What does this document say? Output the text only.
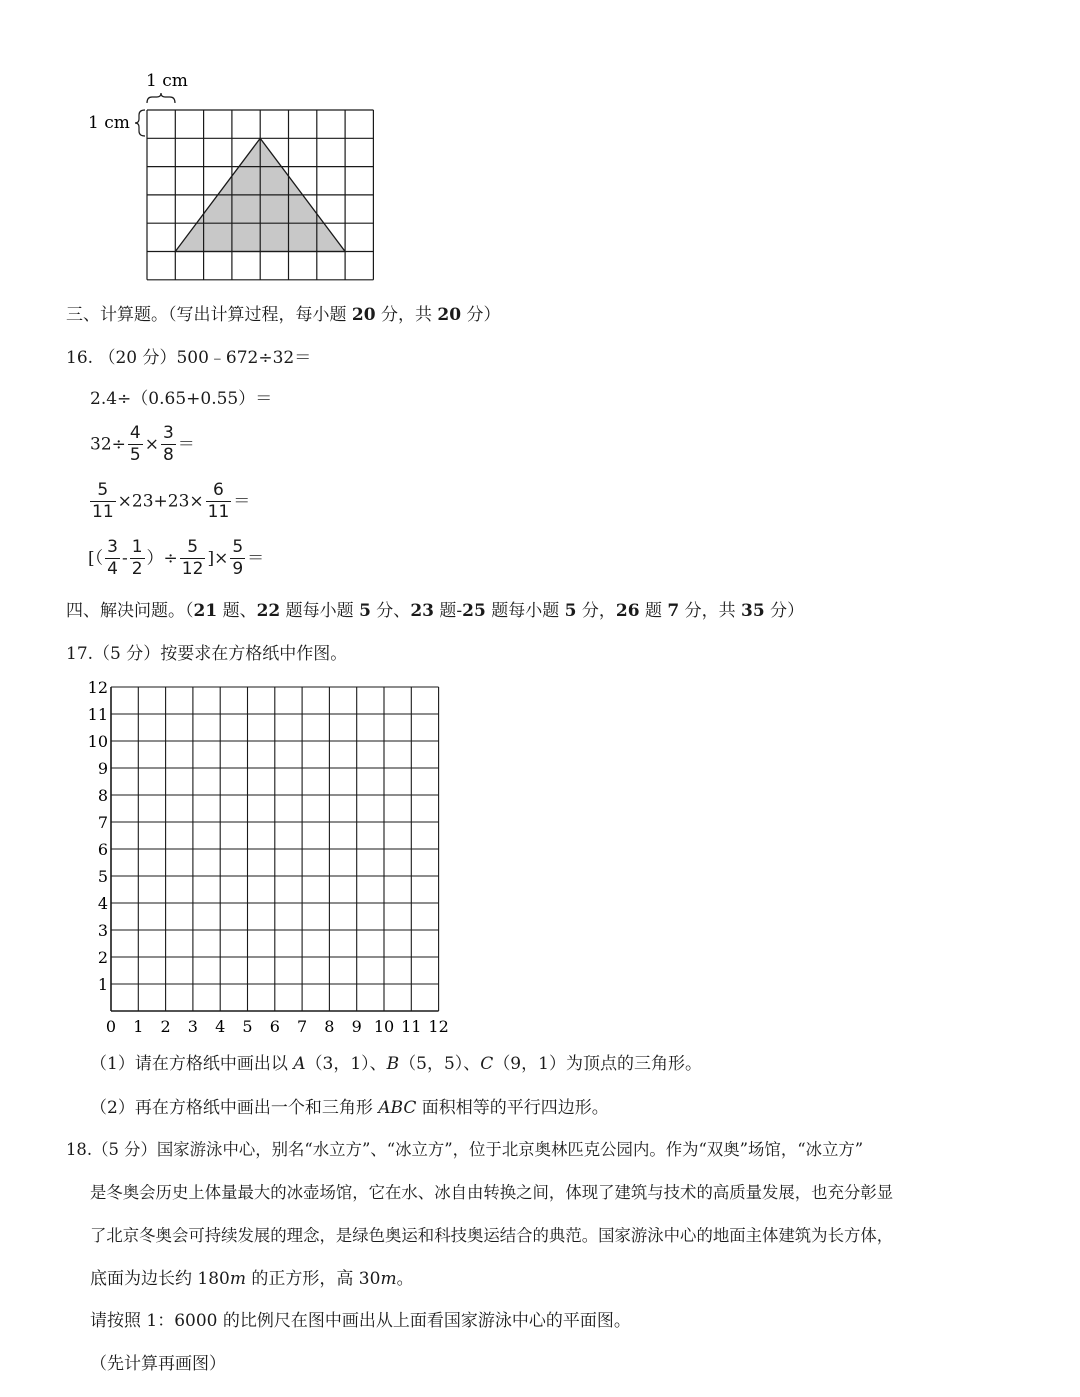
1 cm
1 cm
三、计算题。（写出计算过程，每小题 20 分，共 20 分）
16. （20 分）500﹣672÷32＝
2.4÷（0.65+0.55）＝
$32\div \frac{4}{5} \times \frac{3}{8}$ ＝
$\frac{5}{11} \times 23+23\times \frac{6}{11}$ ＝
[（ $\frac{3}{4} - \frac{1}{2}$ ）÷ $\frac{5}{12}$ ]× $\frac{5}{9}$ ＝
四、解决问题。（21 题、22 题每小题 5 分、23 题-25 题每小题 5 分，26 题 7 分，共 35 分）
17.（5 分）按要求在方格纸中作图。
12
11
10
9
8
7
6
5
4
3
2
1
0 1 2 3 4 5 6 7 8 9 10 11 12
（1）请在方格纸中画出以 A（3，1）、B（5，5）、C（9，1）为顶点的三角形。
（2）再在方格纸中画出一个和三角形 ABC 面积相等的平行四边形。
18.（5 分）国家游泳中心，别名“水立方”、“冰立方”，位于北京奥林匹克公园内。作为“双奥”场馆，“冰立方”
是冬奥会历史上体量最大的冰壶场馆，它在水、冰自由转换之间，体现了建筑与技术的高质量发展，也充分彰显
了北京冬奥会可持续发展的理念，是绿色奥运和科技奥运结合的典范。国家游泳中心的地面主体建筑为长方体，
底面为边长约 180m 的正方形，高 30m。
请按照 1：6000 的比例尺在图中画出从上面看国家游泳中心的平面图。
（先计算再画图）
